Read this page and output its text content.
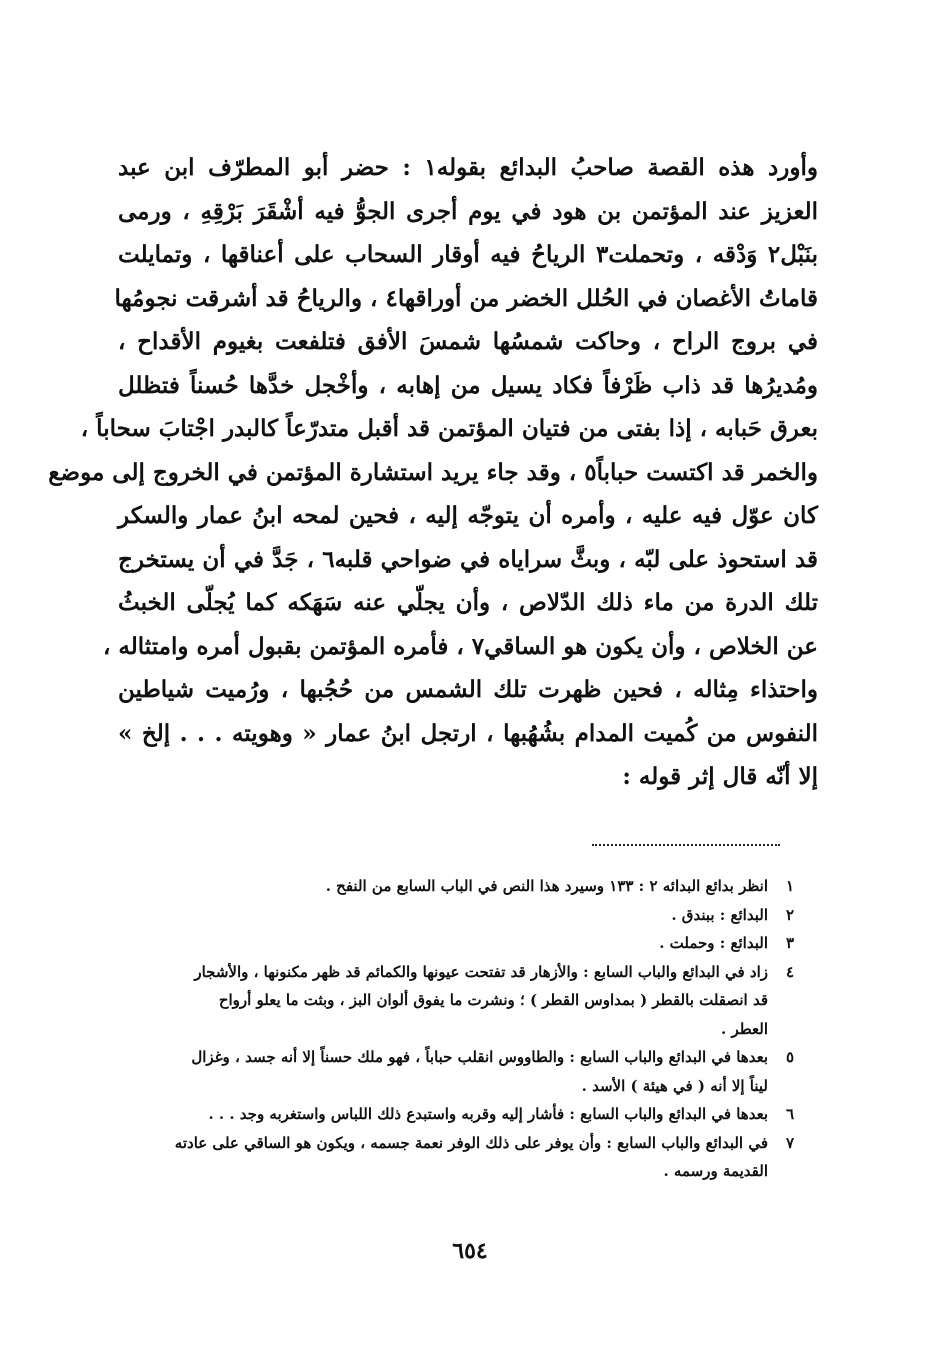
وأورد هذه القصة صاحبُ البدائع بقوله١ : حضر أبو المطرّف ابن عبد
العزيز عند المؤتمن بن هود في يوم أجرى الجوُّ فيه أشْقَرَ بَرْقِهِ ، ورمى
بنَبْل٢ وَدْقه ، وتحملت٣ الرياحُ فيه أوقار السحاب على أعناقها ، وتمايلت
قاماتُ الأغصان في الحُلل الخضر من أوراقها٤ ، والرياحُ قد أشرقت نجومُها
في بروج الراح ، وحاكت شمسُها شمسَ الأفق فتلفعت بغيوم الأقداح ،
ومُديرُها قد ذاب ظَرْفاً فكاد يسيل من إهابه ، وأخْجل خدَّها حُسناً فتظلل
بعرق حَبابه ، إذا بفتى من فتيان المؤتمن قد أقبل متدرّعاً كالبدر اجْتابَ سحاباً ،
والخمر قد اكتست حباباً٥ ، وقد جاء يريد استشارة المؤتمن في الخروج إلى موضع
كان عوّل فيه عليه ، وأمره أن يتوجّه إليه ، فحين لمحه ابنُ عمار والسكر
قد استحوذ على لبّه ، وبثَّ سراياه في ضواحي قلبه٦ ، جَدَّ في أن يستخرج
تلك الدرة من ماء ذلك الدّلاص ، وأن يجلّي عنه سَهَكه كما يُجلّى الخبثُ
عن الخلاص ، وأن يكون هو الساقي٧ ، فأمره المؤتمن بقبول أمره وامتثاله ،
واحتذاء مِثاله ، فحين ظهرت تلك الشمس من حُجُبها ، ورُميت شياطين
النفوس من كُميت المدام بشُهُبها ، ارتجل ابنُ عمار « وهويته . . . إلخ »
إلا أنّه قال إثر قوله :
١
انظر بدائع البدائه ٢ : ١٣٣ وسيرد هذا النص في الباب السابع من النفح .
٢
البدائع : ببندق .
٣
البدائع : وحملت .
٤
زاد في البدائع والباب السابع : والأزهار قد تفتحت عيونها والكمائم قد ظهر مكنونها ، والأشجار
قد انصقلت بالقطر ( بمداوس القطر ) ؛ ونشرت ما يفوق ألوان البز ، وبثت ما يعلو أرواح
العطر .
٥
بعدها في البدائع والباب السابع : والطاووس انقلب حباباً ، فهو ملك حسناً إلا أنه جسد ، وغزال
ليناً إلا أنه ( في هيئة ) الأسد .
٦
بعدها في البدائع والباب السابع : فأشار إليه وقربه واستبدع ذلك اللباس واستغربه وجد . . .
٧
في البدائع والباب السابع : وأن يوفر على ذلك الوفر نعمة جسمه ، ويكون هو الساقي على عادته
القديمة ورسمه .
٦٥٤
